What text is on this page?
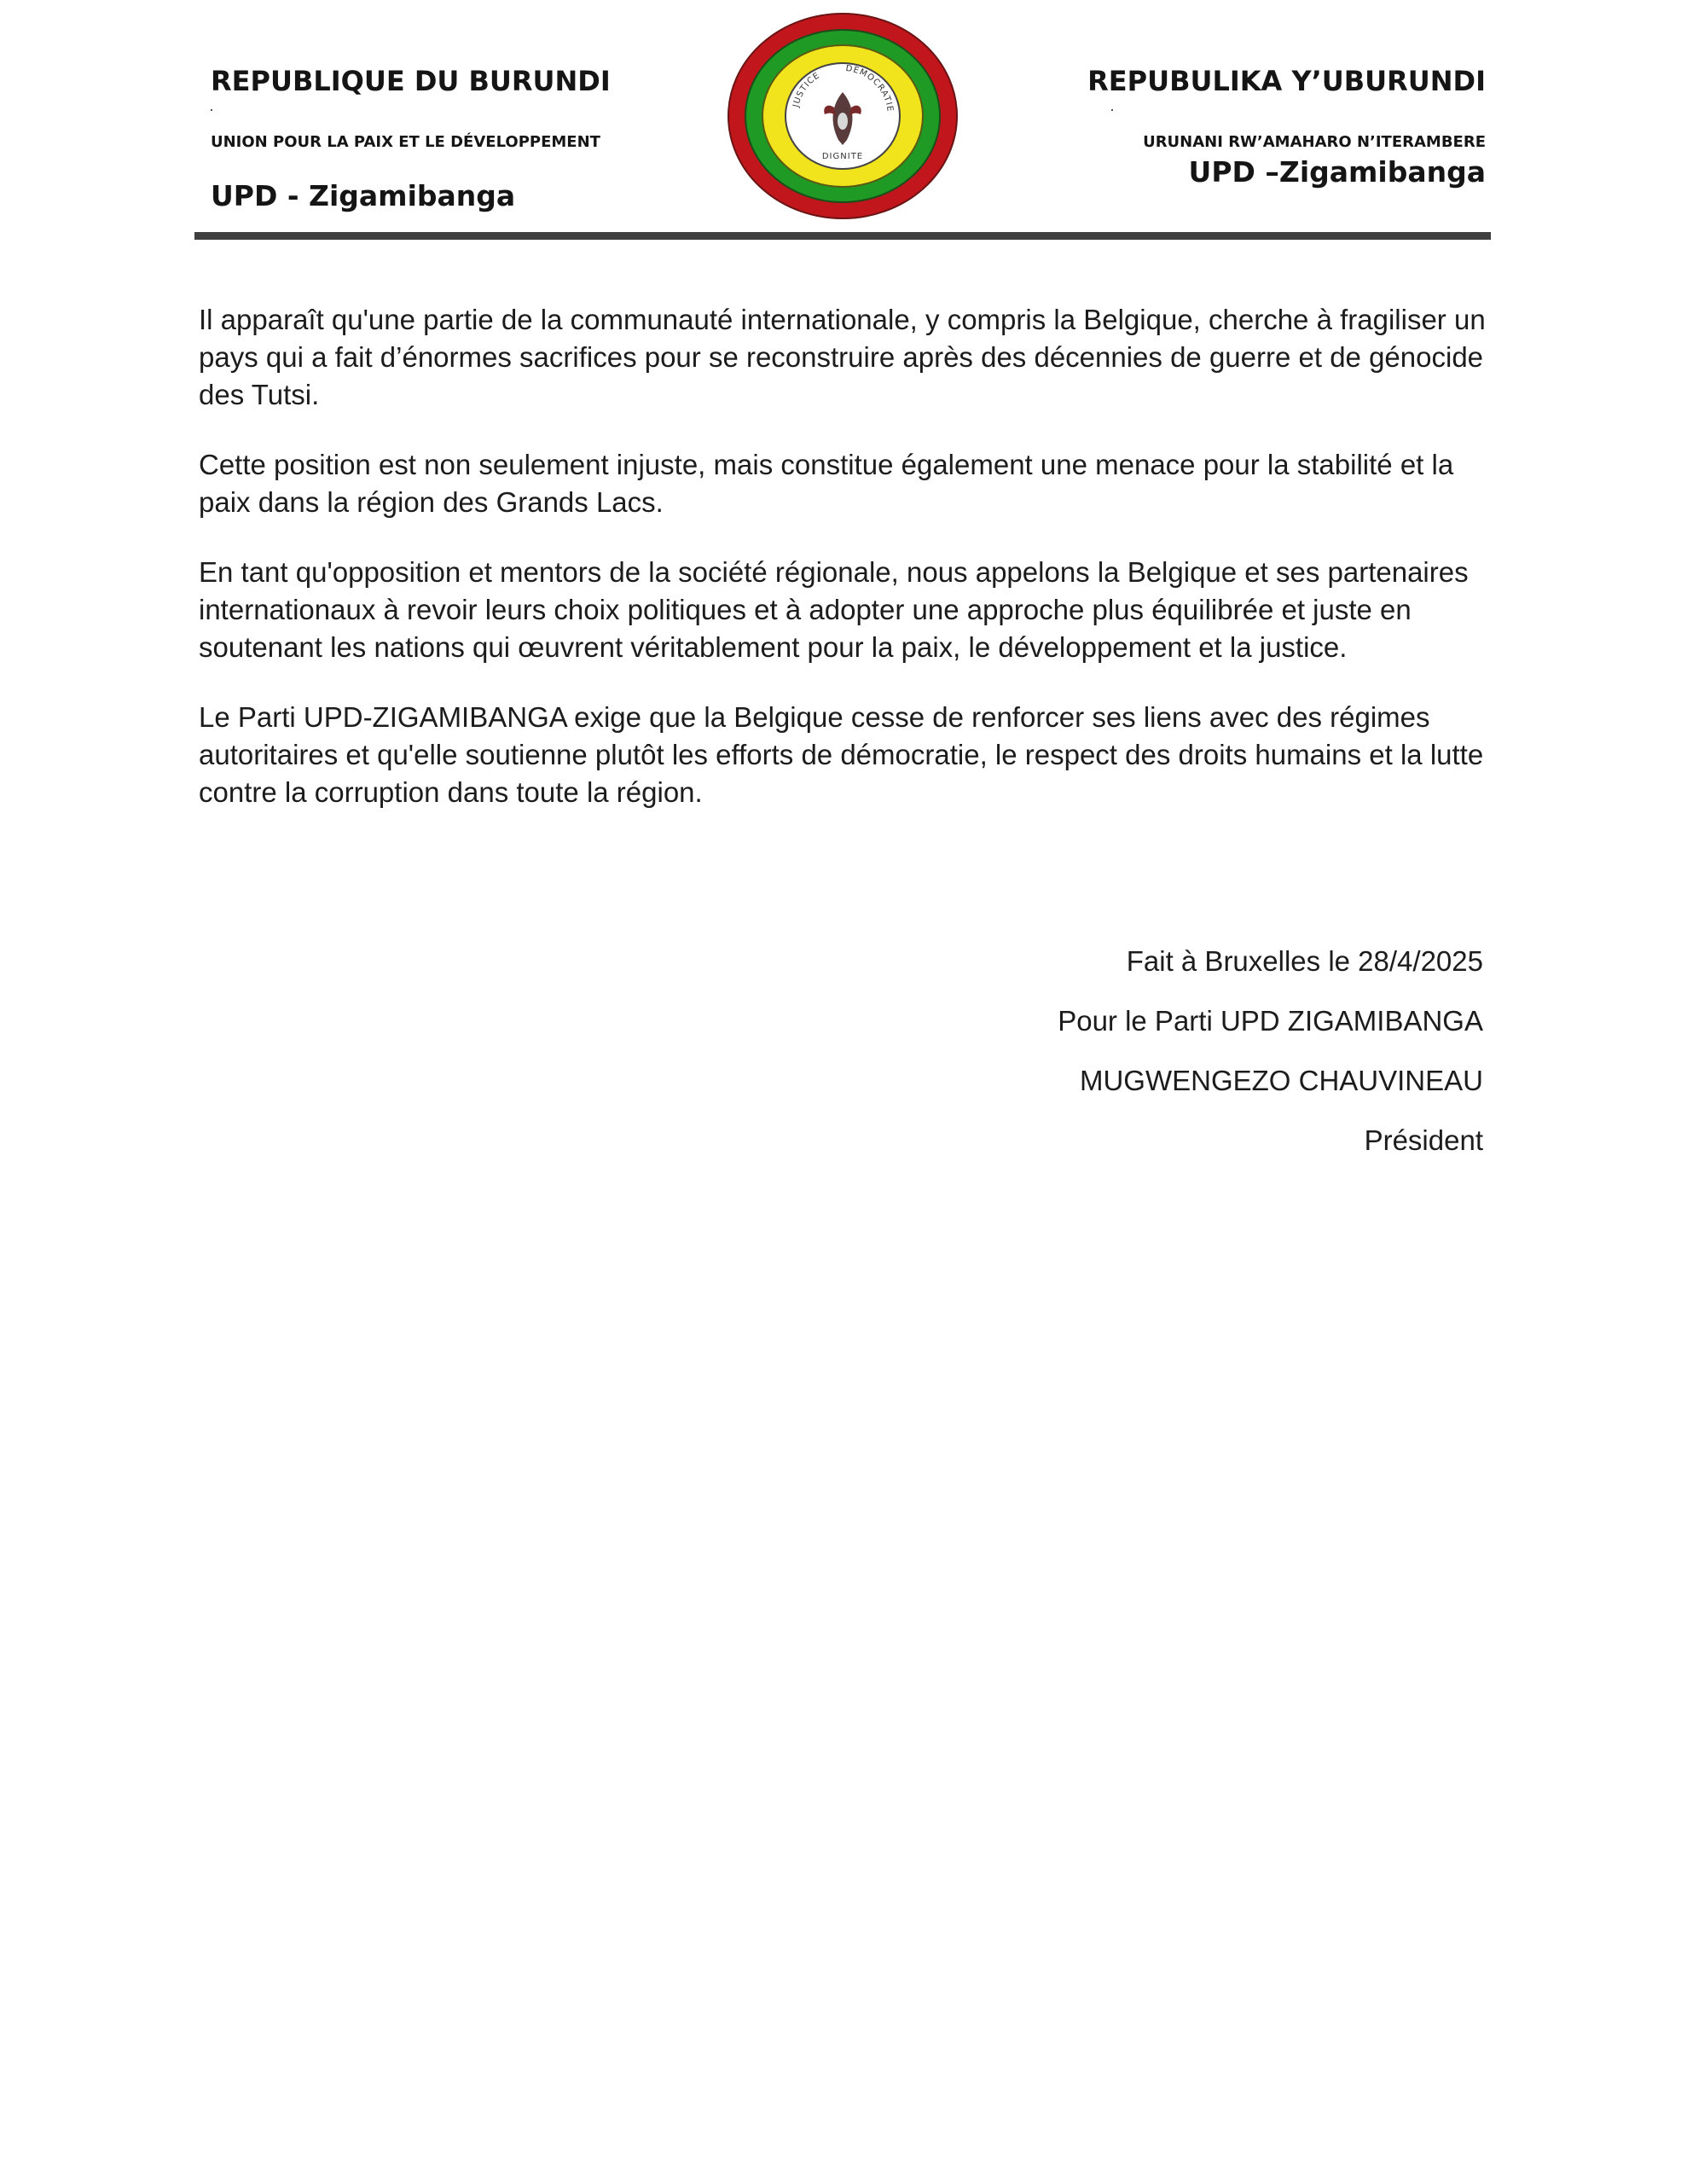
REPUBLIQUE DU BURUNDI
UNION POUR LA PAIX ET LE DÉVELOPPEMENT
UPD - Zigamibanga
JUSTICE
DEMOCRATIE
DIGNITE
REPUBULIKA Y’UBURUNDI
URUNANI RW’AMAHARO N’ITERAMBERE
UPD –Zigamibanga

Il apparaît qu'une partie de la communauté internationale, y compris la Belgique, cherche à fragiliser un pays qui a fait d’énormes sacrifices pour se reconstruire après des décennies de guerre et de génocide des Tutsi.

Cette position est non seulement injuste, mais constitue également une menace pour la stabilité et la paix dans la région des Grands Lacs.

En tant qu'opposition et mentors de la société régionale, nous appelons la Belgique et ses partenaires internationaux à revoir leurs choix politiques et à adopter une approche plus équilibrée et juste en soutenant les nations qui œuvrent véritablement pour la paix, le développement et la justice.

Le Parti UPD-ZIGAMIBANGA exige que la Belgique cesse de renforcer ses liens avec des régimes autoritaires et qu'elle soutienne plutôt les efforts de démocratie, le respect des droits humains et la lutte contre la corruption dans toute la région.

Fait à Bruxelles le 28/4/2025
Pour le Parti UPD ZIGAMIBANGA
MUGWENGEZO CHAUVINEAU
Président
